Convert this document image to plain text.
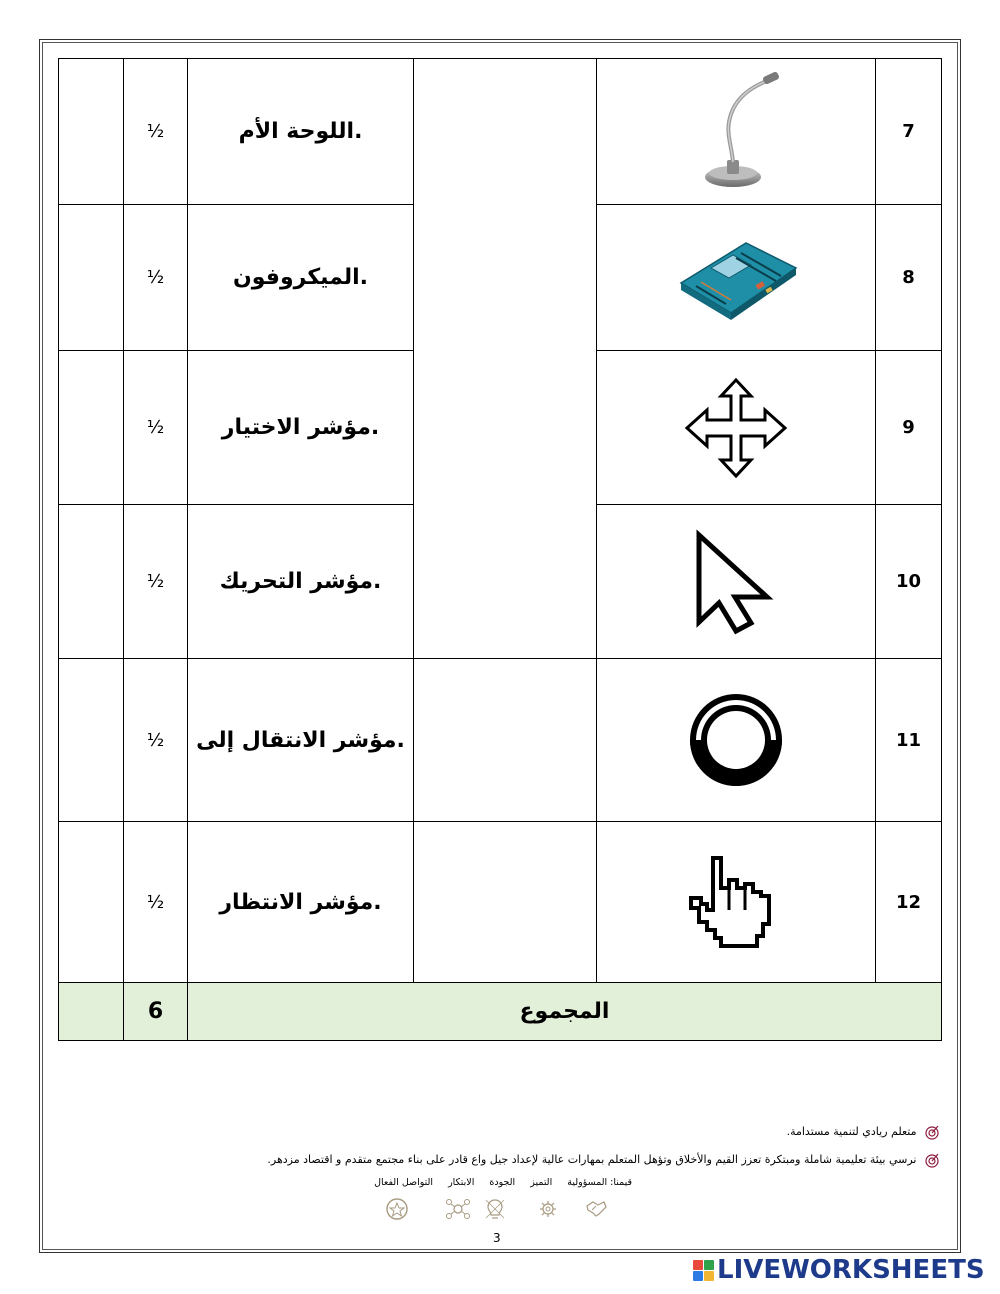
	½	اللوحة الأم.			7
	½	الميكروفون.			8
	½	مؤشر الاختيار.			9
	½	مؤشر التحريك.			10
	½	مؤشر الانتقال إلى.			11
	½	مؤشر الانتظار.			12
	6	المجموع			
متعلم ريادي لتنمية مستدامة.
نرسي بيئة تعليمية شاملة ومبتكرة تعزز القيم والأخلاق وتؤهل المتعلم بمهارات عالية لإعداد جيل واع قادر على بناء مجتمع متقدم و اقتصاد مزدهر.
قيمنا: المسؤولية التميز الجودة الابتكار التواصل الفعال
3
LIVEWORKSHEETS
